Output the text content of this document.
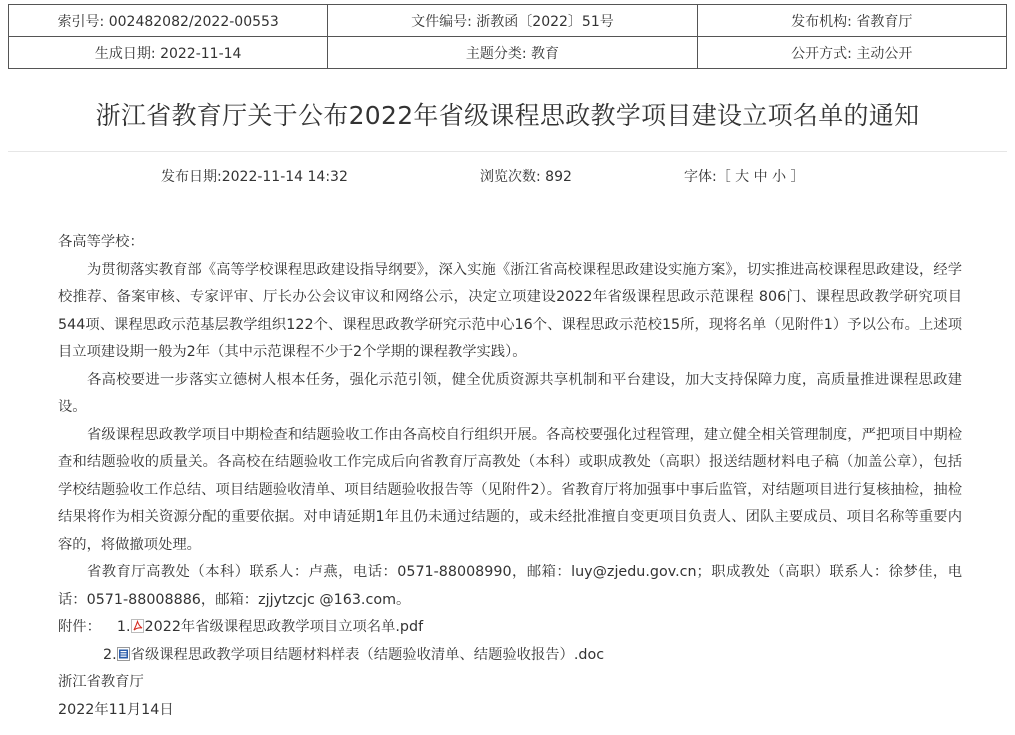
索引号: 002482082/2022-00553	文件编号: 浙教函〔2022〕51号	发布机构: 省教育厅
生成日期: 2022-11-14	主题分类: 教育	公开方式: 主动公开
浙江省教育厅关于公布2022年省级课程思政教学项目建设立项名单的通知
发布日期:2022-11-14 14:32	浏览次数: 892	字体:［ 大 中 小 ］

各高等学校：

为贯彻落实教育部《高等学校课程思政建设指导纲要》，深入实施《浙江省高校课程思政建设实施方案》，切实推进高校课程思政建设，经学校推荐、备案审核、专家评审、厅长办公会议审议和网络公示，决定立项建设2022年省级课程思政示范课程 806门、课程思政教学研究项目544项、课程思政示范基层教学组织122个、课程思政教学研究示范中心16个、课程思政示范校15所，现将名单（见附件1）予以公布。上述项目立项建设期一般为2年（其中示范课程不少于2个学期的课程教学实践）。

各高校要进一步落实立德树人根本任务，强化示范引领，健全优质资源共享机制和平台建设，加大支持保障力度，高质量推进课程思政建设。

省级课程思政教学项目中期检查和结题验收工作由各高校自行组织开展。各高校要强化过程管理，建立健全相关管理制度，严把项目中期检查和结题验收的质量关。各高校在结题验收工作完成后向省教育厅高教处（本科）或职成教处（高职）报送结题材料电子稿（加盖公章），包括学校结题验收工作总结、项目结题验收清单、项目结题验收报告等（见附件2）。省教育厅将加强事中事后监管，对结题项目进行复核抽检，抽检结果将作为相关资源分配的重要依据。对申请延期1年且仍未通过结题的，或未经批准擅自变更项目负责人、团队主要成员、项目名称等重要内容的，将做撤项处理。

省教育厅高教处（本科）联系人：卢燕，电话：0571-88008990，邮箱：luy@zjedu.gov.cn；职成教处（高职）联系人：徐梦佳，电话：0571-88008886，邮箱：zjjytzcjc @163.com。

附件： 1. 2022年省级课程思政教学项目立项名单.pdf

2. 省级课程思政教学项目结题材料样表（结题验收清单、结题验收报告）.doc

浙江省教育厅

2022年11月14日
